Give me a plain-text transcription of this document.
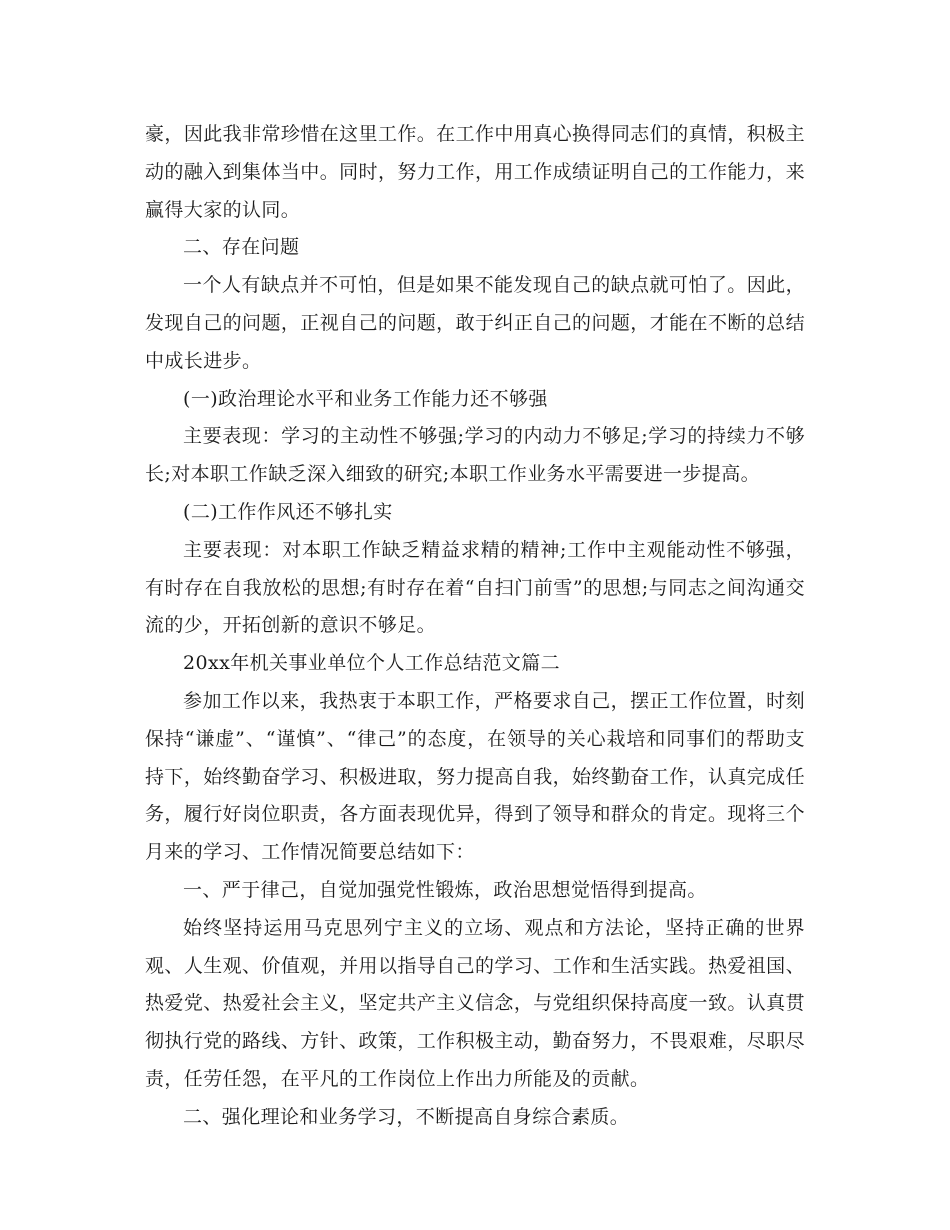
豪，因此我非常珍惜在这里工作。在工作中用真心换得同志们的真情，积极主动的融入到集体当中。同时，努力工作，用工作成绩证明自己的工作能力，来赢得大家的认同。

二、存在问题

一个人有缺点并不可怕，但是如果不能发现自己的缺点就可怕了。因此，发现自己的问题，正视自己的问题，敢于纠正自己的问题，才能在不断的总结中成长进步。

(一)政治理论水平和业务工作能力还不够强

主要表现：学习的主动性不够强;学习的内动力不够足;学习的持续力不够长;对本职工作缺乏深入细致的研究;本职工作业务水平需要进一步提高。

(二)工作作风还不够扎实

主要表现：对本职工作缺乏精益求精的精神;工作中主观能动性不够强，有时存在自我放松的思想;有时存在着“自扫门前雪”的思想;与同志之间沟通交流的少，开拓创新的意识不够足。

20xx年机关事业单位个人工作总结范文篇二

参加工作以来，我热衷于本职工作，严格要求自己，摆正工作位置，时刻保持“谦虚”、“谨慎”、“律己”的态度，在领导的关心栽培和同事们的帮助支持下，始终勤奋学习、积极进取，努力提高自我，始终勤奋工作，认真完成任务，履行好岗位职责，各方面表现优异，得到了领导和群众的肯定。现将三个月来的学习、工作情况简要总结如下：

一、严于律己，自觉加强党性锻炼，政治思想觉悟得到提高。

始终坚持运用马克思列宁主义的立场、观点和方法论，坚持正确的世界观、人生观、价值观，并用以指导自己的学习、工作和生活实践。热爱祖国、热爱党、热爱社会主义，坚定共产主义信念，与党组织保持高度一致。认真贯彻执行党的路线、方针、政策，工作积极主动，勤奋努力，不畏艰难，尽职尽责，任劳任怨，在平凡的工作岗位上作出力所能及的贡献。

二、强化理论和业务学习，不断提高自身综合素质。
